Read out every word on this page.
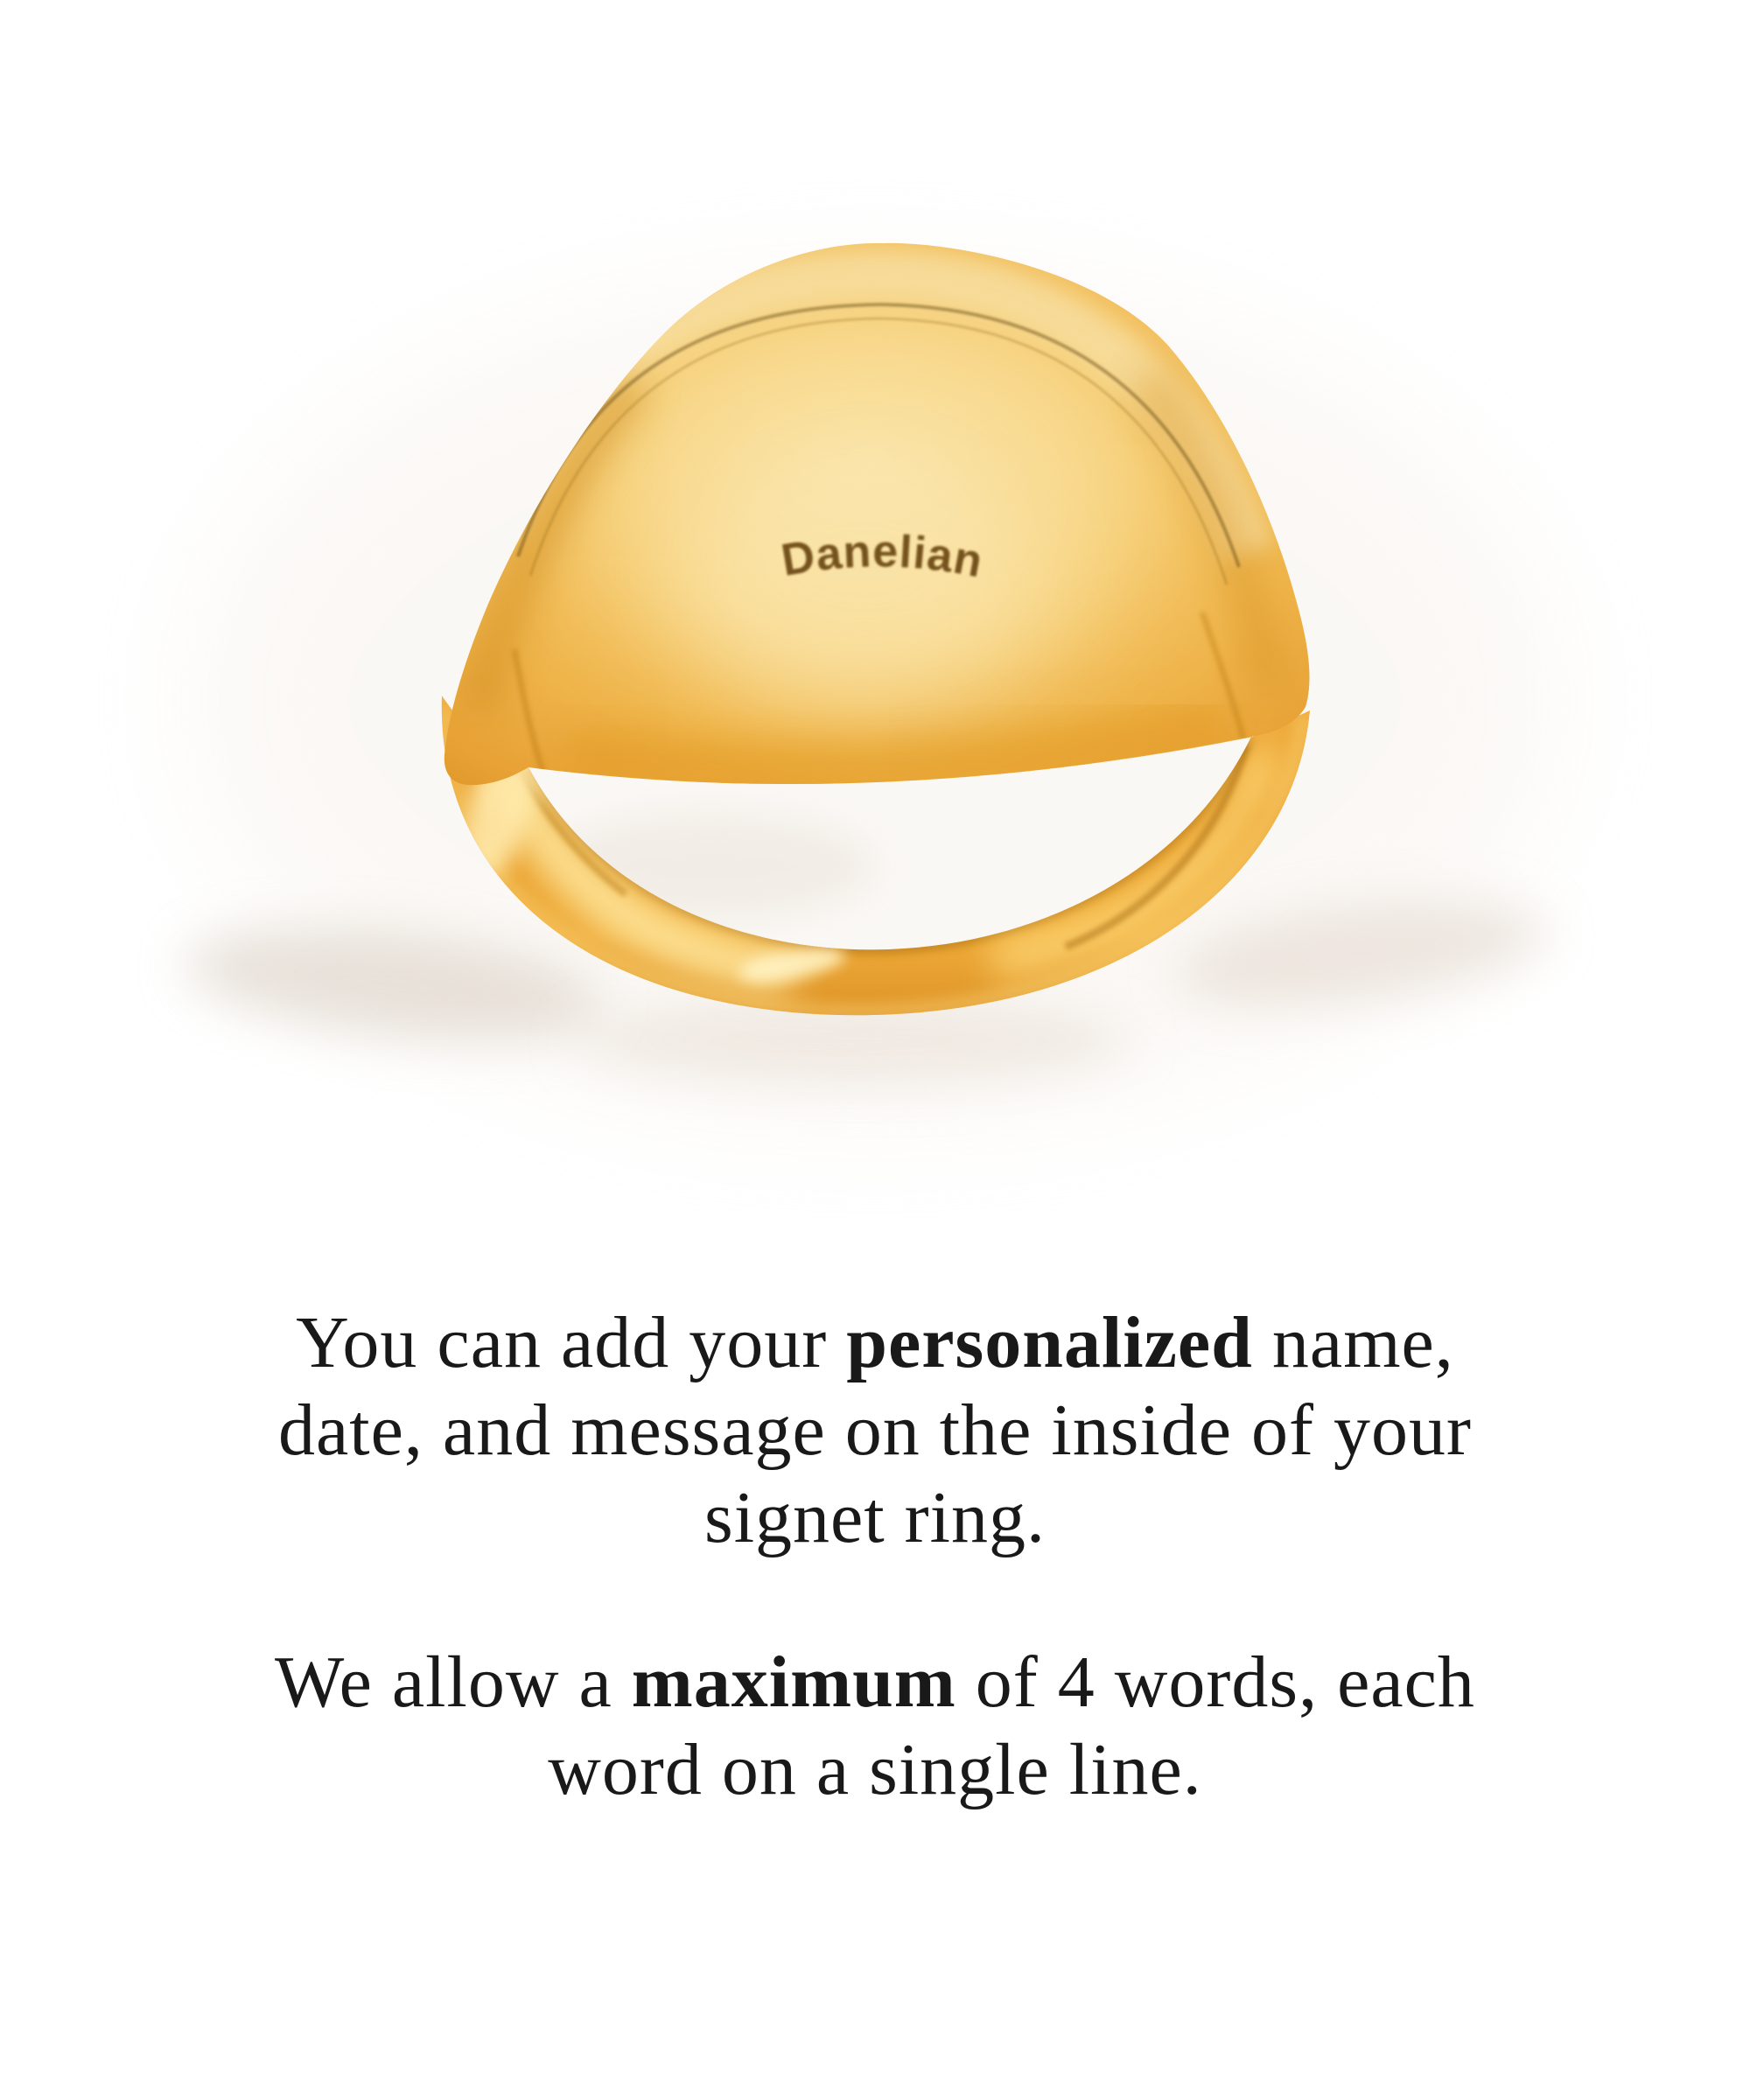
Danelian
You can add your personalized name,
date, and message on the inside of your
signet ring.
We allow a maximum of 4 words, each
word on a single line.
